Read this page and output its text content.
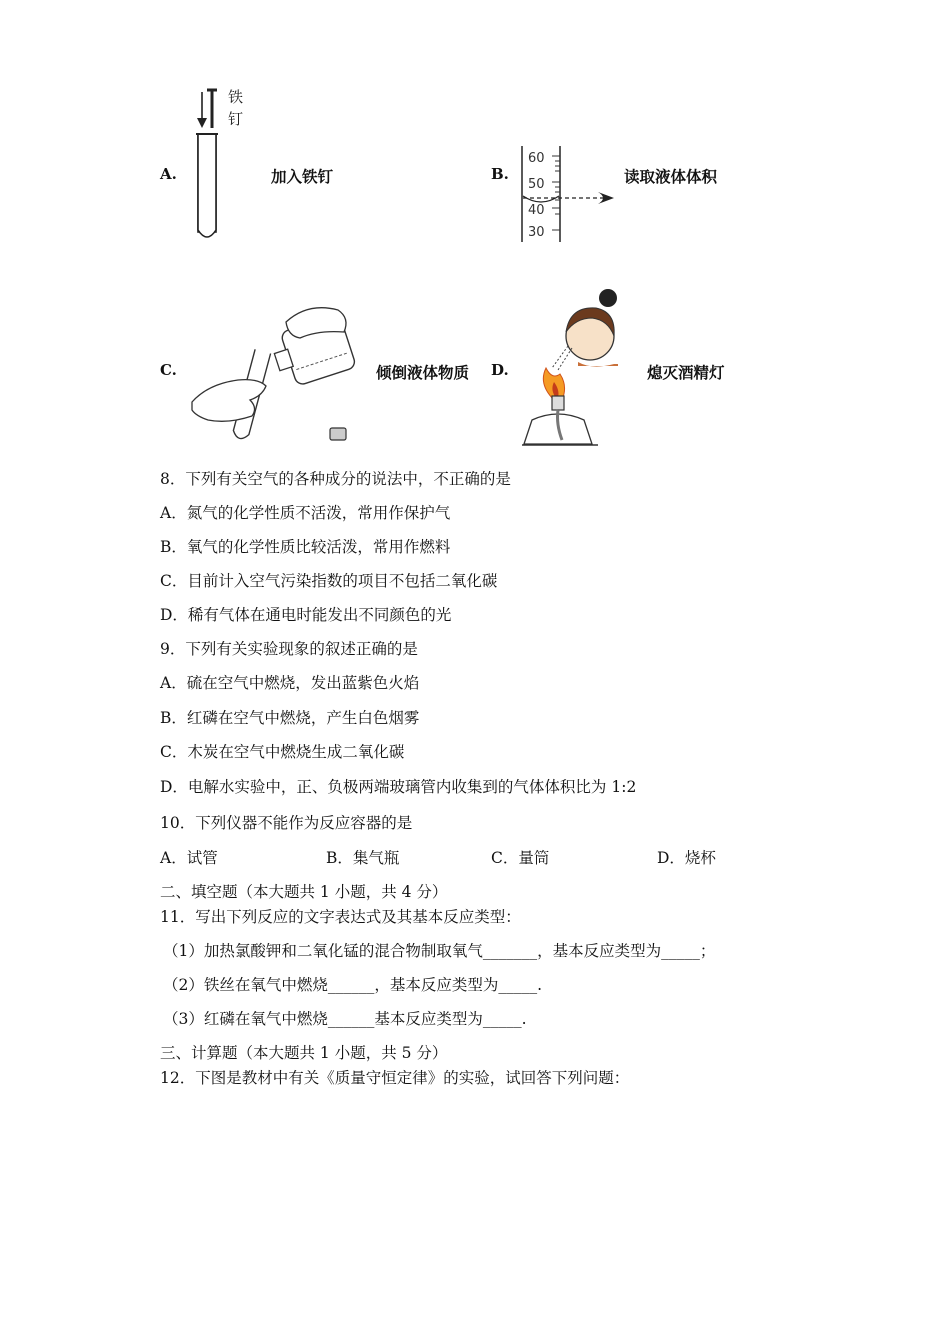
A.
铁
钉
加入铁钉	B.
60
50
40
30
读取液体体积
C.	倾倒液体物质 D.	熄灭酒精灯
8．下列有关空气的各种成分的说法中，不正确的是
A．氮气的化学性质不活泼，常用作保护气
B．氧气的化学性质比较活泼，常用作燃料
C．目前计入空气污染指数的项目不包括二氧化碳
D．稀有气体在通电时能发出不同颜色的光
9．下列有关实验现象的叙述正确的是
A．硫在空气中燃烧，发出蓝紫色火焰
B．红磷在空气中燃烧，产生白色烟雾
C．木炭在空气中燃烧生成二氧化碳
D．电解水实验中，正、负极两端玻璃管内收集到的气体体积比为 1:2
10．下列仪器不能作为反应容器的是
A．试管	B．集气瓶	C．量筒	D．烧杯
二、填空题（本大题共 1 小题，共 4 分）
11．写出下列反应的文字表达式及其基本反应类型：
（1）加热氯酸钾和二氧化锰的混合物制取氧气_______，基本反应类型为_____；
（2）铁丝在氧气中燃烧______，基本反应类型为_____.
（3）红磷在氧气中燃烧______基本反应类型为_____.
三、计算题（本大题共 1 小题，共 5 分）
12．下图是教材中有关《质量守恒定律》的实验，试回答下列问题：
